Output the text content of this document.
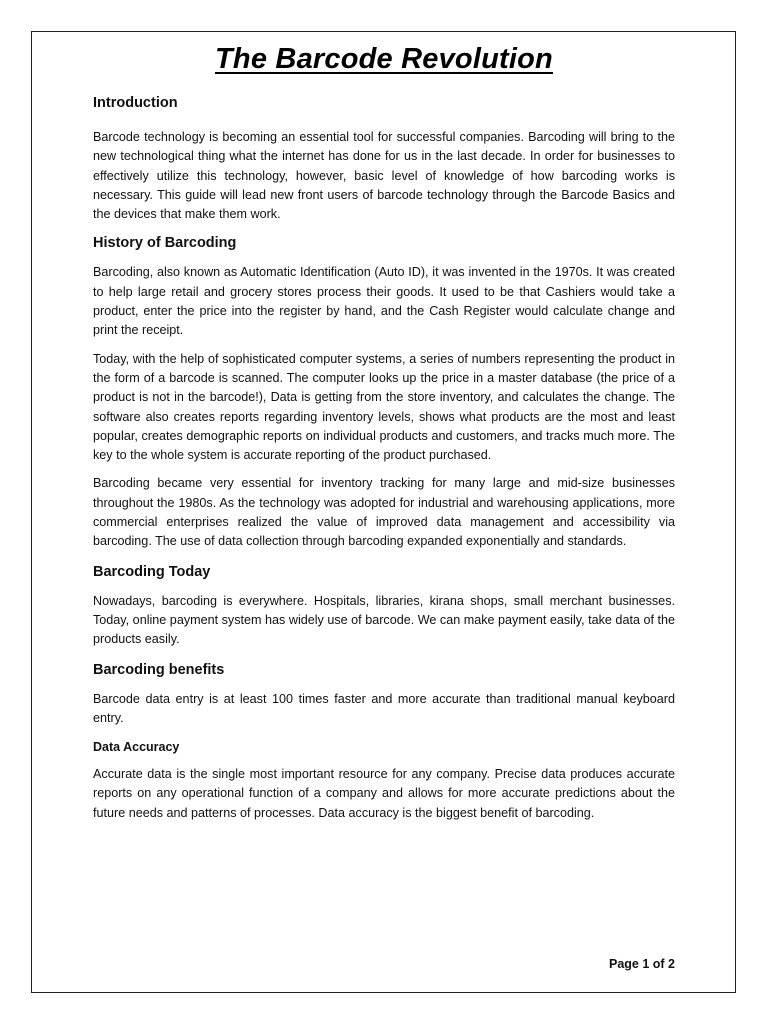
The Barcode Revolution
Introduction

Barcode technology is becoming an essential tool for successful companies. Barcoding will bring to the new technological thing what the internet has done for us in the last decade. In order for businesses to effectively utilize this technology, however, basic level of knowledge of how barcoding works is necessary. This guide will lead new front users of barcode technology through the Barcode Basics and the devices that make them work.

History of Barcoding

Barcoding, also known as Automatic Identification (Auto ID), it was invented in the 1970s. It was created to help large retail and grocery stores process their goods. It used to be that Cashiers would take a product, enter the price into the register by hand, and the Cash Register would calculate change and print the receipt.

Today, with the help of sophisticated computer systems, a series of numbers representing the product in the form of a barcode is scanned. The computer looks up the price in a master database (the price of a product is not in the barcode!), Data is getting from the store inventory, and calculates the change. The software also creates reports regarding inventory levels, shows what products are the most and least popular, creates demographic reports on individual products and customers, and tracks much more. The key to the whole system is accurate reporting of the product purchased.

Barcoding became very essential for inventory tracking for many large and mid-size businesses throughout the 1980s. As the technology was adopted for industrial and warehousing applications, more commercial enterprises realized the value of improved data management and accessibility via barcoding. The use of data collection through barcoding expanded exponentially and standards.

Barcoding Today

Nowadays, barcoding is everywhere. Hospitals, libraries, kirana shops, small merchant businesses. Today, online payment system has widely use of barcode. We can make payment easily, take data of the products easily.

Barcoding benefits

Barcode data entry is at least 100 times faster and more accurate than traditional manual keyboard entry.

Data Accuracy

Accurate data is the single most important resource for any company. Precise data produces accurate reports on any operational function of a company and allows for more accurate predictions about the future needs and patterns of processes. Data accuracy is the biggest benefit of barcoding.

Page 1 of 2
